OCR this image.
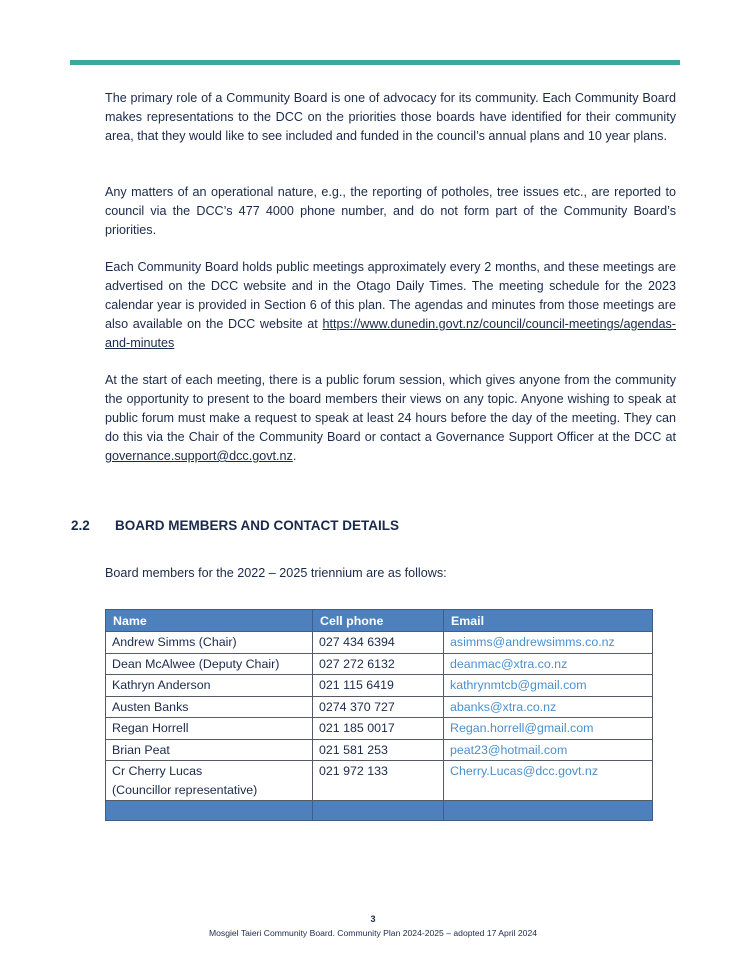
The primary role of a Community Board is one of advocacy for its community. Each Community Board makes representations to the DCC on the priorities those boards have identified for their community area, that they would like to see included and funded in the council’s annual plans and 10 year plans.

Any matters of an operational nature, e.g., the reporting of potholes, tree issues etc., are reported to council via the DCC’s 477 4000 phone number, and do not form part of the Community Board’s priorities.

Each Community Board holds public meetings approximately every 2 months, and these meetings are advertised on the DCC website and in the Otago Daily Times. The meeting schedule for the 2023 calendar year is provided in Section 6 of this plan. The agendas and minutes from those meetings are also available on the DCC website at https://www.dunedin.govt.nz/council/council-meetings/agendas-and-minutes

At the start of each meeting, there is a public forum session, which gives anyone from the community the opportunity to present to the board members their views on any topic. Anyone wishing to speak at public forum must make a request to speak at least 24 hours before the day of the meeting. They can do this via the Chair of the Community Board or contact a Governance Support Officer at the DCC at governance.support@dcc.govt.nz.

2.2 BOARD MEMBERS AND CONTACT DETAILS
Board members for the 2022 – 2025 triennium are as follows:
Name	Cell phone	Email
Andrew Simms (Chair)	027 434 6394	asimms@andrewsimms.co.nz
Dean McAlwee (Deputy Chair)	027 272 6132	deanmac@xtra.co.nz
Kathryn Anderson	021 115 6419	kathrynmtcb@gmail.com
Austen Banks	0274 370 727	abanks@xtra.co.nz
Regan Horrell	021 185 0017	Regan.horrell@gmail.com
Brian Peat	021 581 253	peat23@hotmail.com

Cr Cherry Lucas
(Councillor representative)	021 972 133	Cherry.Lucas@dcc.govt.nz

3
Mosgiel Taieri Community Board. Community Plan 2024-2025 – adopted 17 April 2024
